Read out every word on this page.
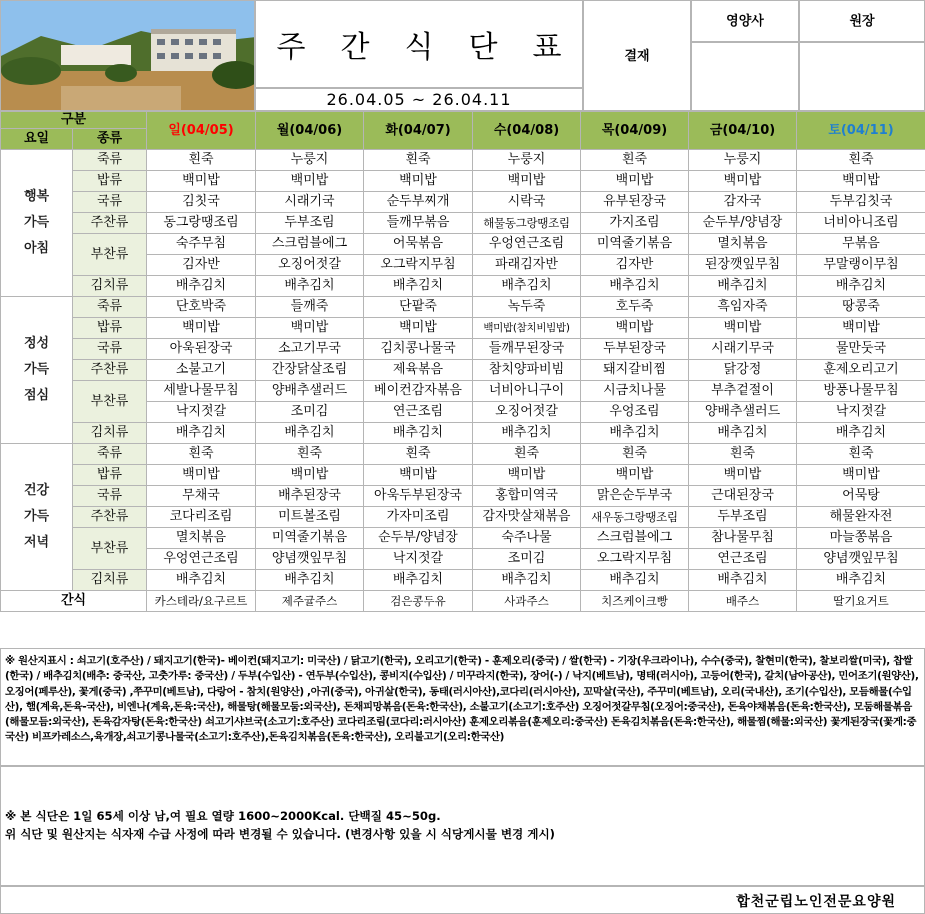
주 간 식 단 표
26.04.05 ~ 26.04.11
결재
영양사	원장
구분		일(04/05)	월(04/06)	화(04/07)	수(04/08)	목(04/09)	금(04/10)	토(04/11)
요일	종류							

행복
가득
아침	죽류	흰죽	누룽지	흰죽	누룽지	흰죽	누룽지	흰죽
	밥류	백미밥	백미밥	백미밥	백미밥	백미밥	백미밥	백미밥
	국류	김칫국	시래기국	순두부찌개	시락국	유부된장국	감자국	두부김칫국
	주찬류	동그랑땡조림	두부조림	들깨무볶음	해물동그랑땡조림	가지조림	순두부/양념장	너비아니조림
	부찬류	숙주무침	스크럼블에그	어묵볶음	우엉연근조림	미역줄기볶음	멸치볶음	무볶음
		김자반	오징어젓갈	오그락지무침	파래김자반	김자반	된장깻잎무침	무말랭이무침
	김치류	배추김치	배추김치	배추김치	배추김치	배추김치	배추김치	배추김치

정성
가득
점심	죽류	단호박죽	들깨죽	단팥죽	녹두죽	호두죽	흑임자죽	땅콩죽
	밥류	백미밥	백미밥	백미밥	백미밥(참치비빔밥)	백미밥	백미밥	백미밥
	국류	아욱된장국	소고기무국	김치콩나물국	들깨무된장국	두부된장국	시래기무국	물만둣국
	주찬류	소불고기	간장닭살조림	제육볶음	참치양파비빔	돼지갈비찜	닭강정	훈제오리고기
	부찬류	세발나물무침	양배추샐러드	베이컨감자볶음	너비아니구이	시금치나물	부추겉절이	방풍나물무침
		낙지젓갈	조미김	연근조림	오징어젓갈	우엉조림	양배추샐러드	낙지젓갈
	김치류	배추김치	배추김치	배추김치	배추김치	배추김치	배추김치	배추김치

건강
가득
저녁	죽류	흰죽	흰죽	흰죽	흰죽	흰죽	흰죽	흰죽
	밥류	백미밥	백미밥	백미밥	백미밥	백미밥	백미밥	백미밥
	국류	무채국	배추된장국	아욱두부된장국	홍합미역국	맑은순두부국	근대된장국	어묵탕
	주찬류	코다리조림	미트볼조림	가자미조림	감자맛살채볶음	새우동그랑땡조림	두부조림	해물완자전
	부찬류	멸치볶음	미역줄기볶음	순두부/양념장	숙주나물	스크럼블에그	참나물무침	마늘쫑볶음
		우엉연근조림	양념깻잎무침	낙지젓갈	조미김	오그락지무침	연근조림	양념깻잎무침
	김치류	배추김치	배추김치	배추김치	배추김치	배추김치	배추김치	배추김치
간식		카스테라/요구르트	제주귤주스	검은콩두유	사과주스	치즈케이크빵	배주스	딸기요거트
※ 원산지표시 : 쇠고기(호주산) / 돼지고기(한국)- 베이컨(돼지고기: 미국산) / 닭고기(한국), 오리고기(한국) - 훈제오리(중국) / 쌀(한국) - 기장(우크라이나), 수수(중국), 찰현미(한국), 찰보리쌀(미국), 찹쌀(한국) / 배추김치(배추: 중국산, 고춧가루: 중국산) / 두부(수입산) - 연두부(수입산), 콩비지(수입산) / 미꾸라지(한국), 장어(-) / 낙지(베트남), 명태(러시아), 고등어(한국), 갈치(남아공산), 민어조기(원양산), 오징어(페루산), 꽃게(중국) ,쭈꾸미(베트남), 다랑어 - 참치(원양산) ,아귀(중국), 아귀살(한국), 동태(러시아산),코다리(러시아산), 꼬막살(국산), 주꾸미(베트남), 오리(국내산), 조기(수입산), 모듬해물(수입산), 햄(계육,돈육-국산), 비엔나(계육,돈육:국산), 해물탕(해물모둠:외국산), 돈채피망볶음(돈육:한국산), 소불고기(소고기:호주산) 오징어젓갈무침(오징어:중국산), 돈육야채볶음(돈육:한국산), 모둠해물볶음(해물모듬:외국산), 돈육감자탕(돈육:한국산) 쇠고기샤브국(소고기:호주산) 코다리조림(코다리:러시아산) 훈제오리볶음(훈제오리:중국산) 돈육김치볶음(돈육:한국산), 해물찜(해물:외국산) 꽃게된장국(꽃게:중국산) 비프카레소스,육개장,쇠고기콩나물국(소고기:호주산),돈육김치볶음(돈육:한국산), 오리불고기(오리:한국산)
※ 본 식단은 1일 65세 이상 남,여 필요 열량 1600~2000Kcal. 단백질 45~50g.
위 식단 및 원산지는 식자재 수급 사정에 따라 변경될 수 있습니다. (변경사항 있을 시 식당게시물 변경 게시)
합천군립노인전문요양원
